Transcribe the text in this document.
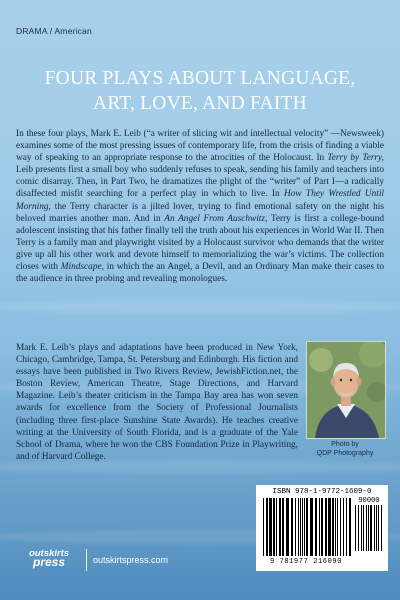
DRAMA / American
FOUR PLAYS ABOUT LANGUAGE,
ART, LOVE, AND FAITH

In these four plays, Mark E. Leib (“a writer of slicing wit and intellectual velocity” —Newsweek) examines some of the most pressing issues of contemporary life, from the crisis of finding a viable way of speaking to an appropriate response to the atrocities of the Holocaust. In Terry by Terry, Leib presents first a small boy who suddenly refuses to speak, sending his family and teachers into comic disarray. Then, in Part Two, he dramatizes the plight of the “writer” of Part I—a radically disaffected misfit searching for a perfect play in which to live. In How They Wrestled Until Morning, the Terry character is a jilted lover, trying to find emotional safety on the night his beloved marries another man. And in An Angel From Auschwitz, Terry is first a college-bound adolescent insisting that his father finally tell the truth about his experiences in World War II. Then Terry is a family man and playwright visited by a Holocaust survivor who demands that the writer give up all his other work and devote himself to memorializing the war’s victims. The collection closes with Mindscape, in which the an Angel, a Devil, and an Ordinary Man make their cases to the audience in three probing and revealing monologues.

Mark E. Leib’s plays and adaptations have been produced in New York, Chicago, Cambridge, Tampa, St. Petersburg and Edinburgh. His fiction and essays have been published in Two Rivers Review, JewishFiction.net, the Boston Review, American Theatre, Stage Directions, and Harvard Magazine. Leib’s theater criticism in the Tampa Bay area has won seven awards for excellence from the Society of Professional Journalists (including three first-place Sunshine State Awards). He teaches creative writing at the University of South Florida, and is a graduate of the Yale School of Drama, where he won the CBS Foundation Prize in Playwriting, and of Harvard College.

Photo by
QDP Photography
ISBN 978-1-9772-1609-0
90000
9 781977 216090
outskirts
press	outskirtspress.com
